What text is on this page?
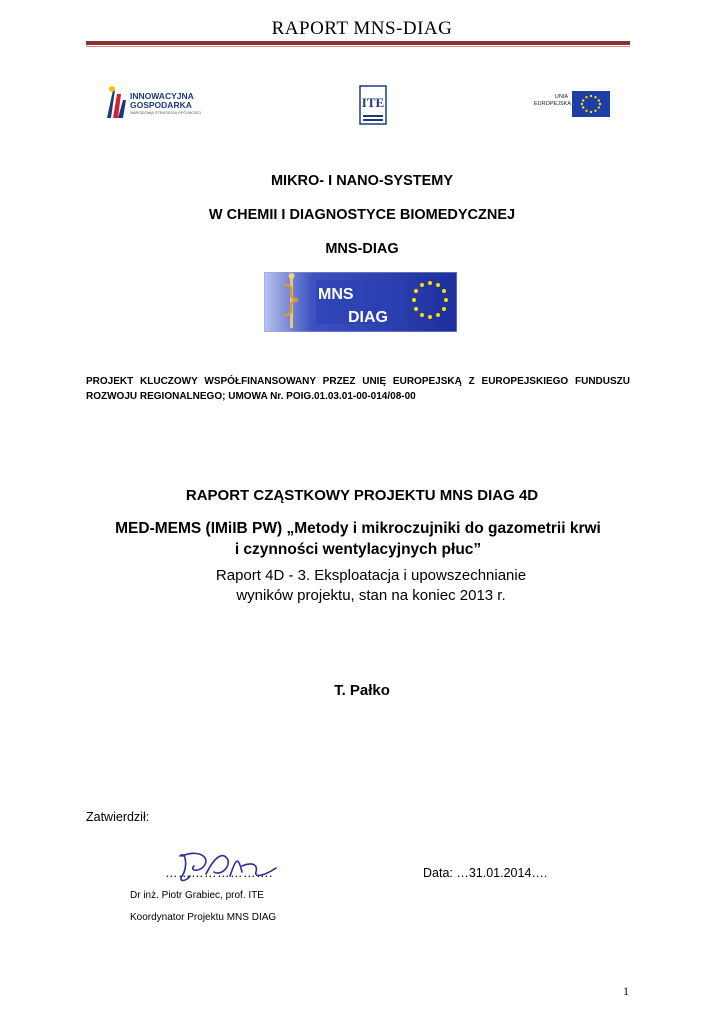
RAPORT MNS-DIAG
INNOWACYJNA
GOSPODARKA
NARODOWA STRATEGIA SPÓJNOŚCI
ITE	UNIA
EUROPEJSKA
MIKRO- I NANO-SYSTEMY
W CHEMII I DIAGNOSTYCE BIOMEDYCZNEJ
MNS-DIAG
MNS
DIAG
PROJEKT KLUCZOWY WSPÓŁFINANSOWANY PRZEZ UNIĘ EUROPEJSKĄ Z EUROPEJSKIEGO FUNDUSZU
ROZWOJU REGIONALNEGO; UMOWA Nr. POIG.01.03.01-00-014/08-00
RAPORT CZĄSTKOWY PROJEKTU MNS DIAG 4D
MED-MEMS (IMiIB PW) „Metody i mikroczujniki do gazometrii krwi
i czynności wentylacyjnych płuc”
Raport 4D - 3. Eksploatacja i upowszechnianie
wyników projektu, stan na koniec 2013 r.
T. Pałko
Zatwierdził:
…………………….	Data: …31.01.2014….
Dr inż. Piotr Grabiec, prof. ITE
Koordynator Projektu MNS DIAG
1
